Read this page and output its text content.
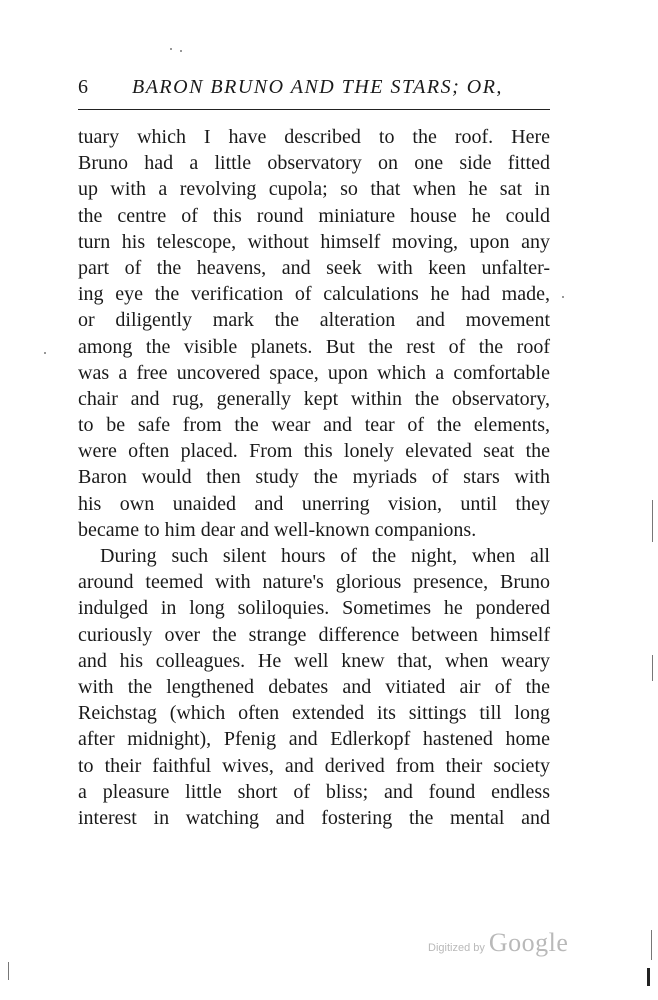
6 BARON BRUNO AND THE STARS; OR,
tuary which I have described to the roof. Here
Bruno had a little observatory on one side fitted
up with a revolving cupola; so that when he sat in
the centre of this round miniature house he could
turn his telescope, without himself moving, upon any
part of the heavens, and seek with keen unfalter-
ing eye the verification of calculations he had made,
or diligently mark the alteration and movement
among the visible planets. But the rest of the roof
was a free uncovered space, upon which a comfortable
chair and rug, generally kept within the observatory,
to be safe from the wear and tear of the elements,
were often placed. From this lonely elevated seat the
Baron would then study the myriads of stars with
his own unaided and unerring vision, until they
became to him dear and well-known companions.
During such silent hours of the night, when all
around teemed with nature's glorious presence, Bruno
indulged in long soliloquies. Sometimes he pondered
curiously over the strange difference between himself
and his colleagues. He well knew that, when weary
with the lengthened debates and vitiated air of the
Reichstag (which often extended its sittings till long
after midnight), Pfenig and Edlerkopf hastened home
to their faithful wives, and derived from their society
a pleasure little short of bliss; and found endless
interest in watching and fostering the mental and
Digitized by Google
